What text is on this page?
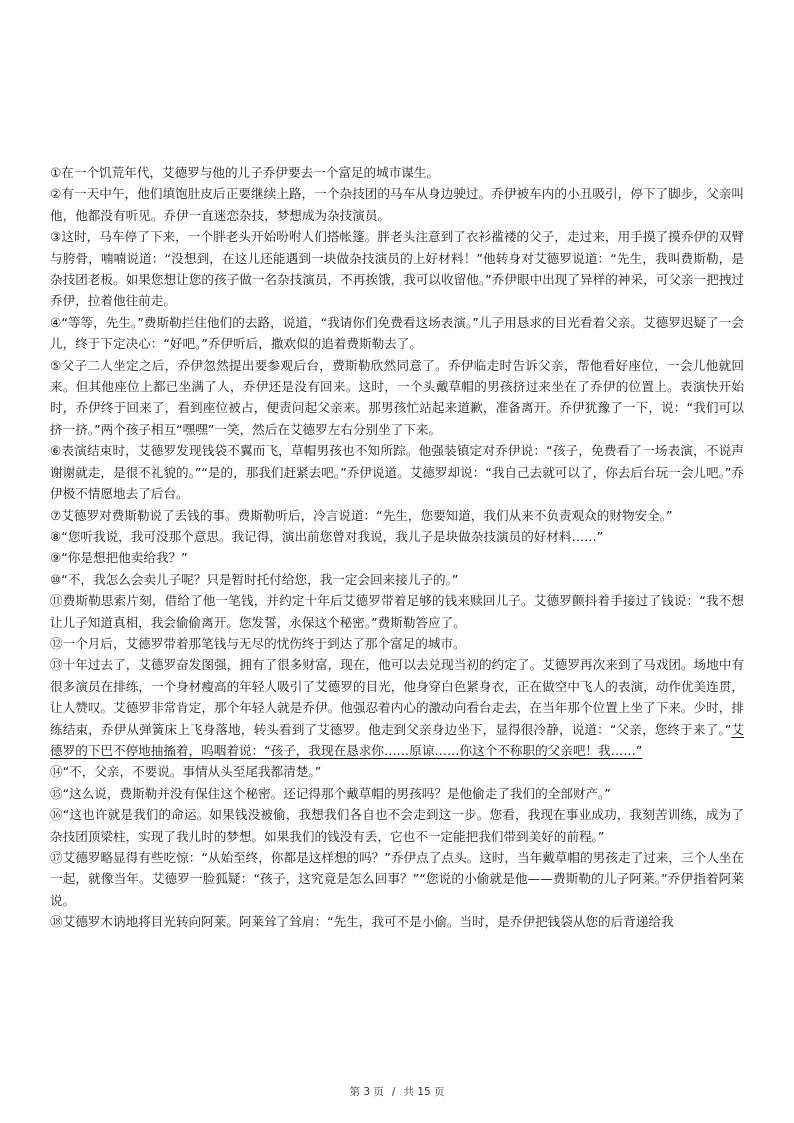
①在一个饥荒年代，艾德罗与他的儿子乔伊要去一个富足的城市谋生。

②有一天中午，他们填饱肚皮后正要继续上路，一个杂技团的马车从身边驶过。乔伊被车内的小丑吸引，停下了脚步，父亲叫他，他都没有听见。乔伊一直迷恋杂技，梦想成为杂技演员。

③这时，马车停了下来，一个胖老头开始吩咐人们搭帐篷。胖老头注意到了衣衫褴褛的父子，走过来，用手摸了摸乔伊的双臂与胯骨，喃喃说道：“没想到，在这儿还能遇到一块做杂技演员的上好材料！”他转身对艾德罗说道：“先生，我叫费斯勒，是杂技团老板。如果您想让您的孩子做一名杂技演员，不再挨饿，我可以收留他。”乔伊眼中出现了异样的神采，可父亲一把拽过乔伊，拉着他往前走。

④“等等，先生。”费斯勒拦住他们的去路，说道，“我请你们免费看这场表演。”儿子用恳求的目光看着父亲。艾德罗迟疑了一会儿，终于下定决心：“好吧。”乔伊听后，撒欢似的追着费斯勒去了。

⑤父子二人坐定之后，乔伊忽然提出要参观后台，费斯勒欣然同意了。乔伊临走时告诉父亲，帮他看好座位，一会儿他就回来。但其他座位上都已坐满了人，乔伊还是没有回来。这时，一个头戴草帽的男孩挤过来坐在了乔伊的位置上。表演快开始时，乔伊终于回来了，看到座位被占，便责问起父亲来。那男孩忙站起来道歉，准备离开。乔伊犹豫了一下，说：“我们可以挤一挤。”两个孩子相互“嘿嘿”一笑，然后在艾德罗左右分别坐了下来。

⑥表演结束时，艾德罗发现钱袋不翼而飞，草帽男孩也不知所踪。他强装镇定对乔伊说：“孩子，免费看了一场表演，不说声谢谢就走，是很不礼貌的。”“是的，那我们赶紧去吧。”乔伊说道。艾德罗却说：“我自己去就可以了，你去后台玩一会儿吧。”乔伊极不情愿地去了后台。

⑦艾德罗对费斯勒说了丢钱的事。费斯勒听后，冷言说道：“先生，您要知道，我们从来不负责观众的财物安全。”

⑧“您听我说，我可没那个意思。我记得，演出前您曾对我说，我儿子是块做杂技演员的好材料……”

⑨“你是想把他卖给我？”

⑩“不，我怎么会卖儿子呢？只是暂时托付给您，我一定会回来接儿子的。”

⑪费斯勒思索片刻，借给了他一笔钱，并约定十年后艾德罗带着足够的钱来赎回儿子。艾德罗颤抖着手接过了钱说：“我不想让儿子知道真相，我会偷偷离开。您发誓，永保这个秘密。”费斯勒答应了。

⑫一个月后，艾德罗带着那笔钱与无尽的忧伤终于到达了那个富足的城市。

⑬十年过去了，艾德罗奋发图强，拥有了很多财富，现在，他可以去兑现当初的约定了。艾德罗再次来到了马戏团。场地中有很多演员在排练，一个身材瘦高的年轻人吸引了艾德罗的目光，他身穿白色紧身衣，正在做空中飞人的表演，动作优美连贯，让人赞叹。艾德罗非常肯定，那个年轻人就是乔伊。他强忍着内心的激动向看台走去，在当年那个位置上坐了下来。少时，排练结束，乔伊从弹簧床上飞身落地，转头看到了艾德罗。他走到父亲身边坐下，显得很冷静，说道：“父亲，您终于来了。”艾德罗的下巴不停地抽搐着，呜咽着说：“孩子，我现在恳求你……原谅……你这个不称职的父亲吧！我……”

⑭“不，父亲，不要说。事情从头至尾我都清楚。”

⑮“这么说，费斯勒并没有保住这个秘密。还记得那个戴草帽的男孩吗？是他偷走了我们的全部财产。”

⑯“这也许就是我们的命运。如果钱没被偷，我想我们各自也不会走到这一步。您看，我现在事业成功，我刻苦训练，成为了杂技团顶梁柱，实现了我儿时的梦想。如果我们的钱没有丢，它也不一定能把我们带到美好的前程。”

⑰艾德罗略显得有些吃惊：“从始至终，你都是这样想的吗？”乔伊点了点头。这时，当年戴草帽的男孩走了过来，三个人坐在一起，就像当年。艾德罗一脸狐疑：“孩子，这究竟是怎么回事？”“您说的小偷就是他——费斯勒的儿子阿莱。”乔伊指着阿莱说。

⑱艾德罗木讷地将目光转向阿莱。阿莱耸了耸肩：“先生，我可不是小偷。当时，是乔伊把钱袋从您的后背递给我

第 3 页 / 共 15 页
